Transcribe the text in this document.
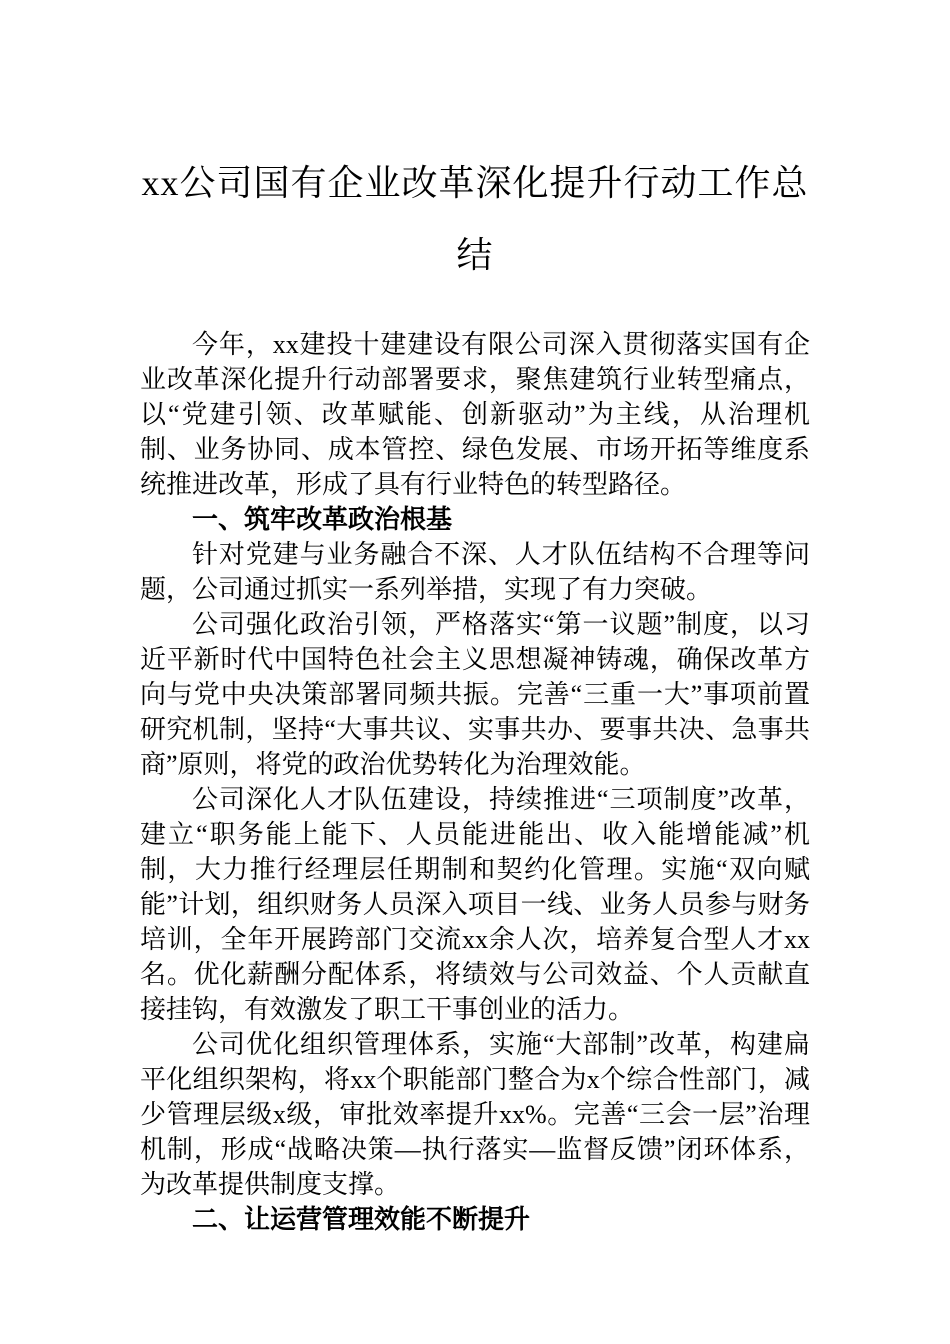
xx公司国有企业改革深化提升行动工作总结

今年，xx建投十建建设有限公司深入贯彻落实国有企业改革深化提升行动部署要求，聚焦建筑行业转型痛点，以“党建引领、改革赋能、创新驱动”为主线，从治理机制、业务协同、成本管控、绿色发展、市场开拓等维度系统推进改革，形成了具有行业特色的转型路径。

一、筑牢改革政治根基

针对党建与业务融合不深、人才队伍结构不合理等问题，公司通过抓实一系列举措，实现了有力突破。

公司强化政治引领，严格落实“第一议题”制度，以习近平新时代中国特色社会主义思想凝神铸魂，确保改革方向与党中央决策部署同频共振。完善“三重一大”事项前置研究机制，坚持“大事共议、实事共办、要事共决、急事共商”原则，将党的政治优势转化为治理效能。

公司深化人才队伍建设，持续推进“三项制度”改革，建立“职务能上能下、人员能进能出、收入能增能减”机制，大力推行经理层任期制和契约化管理。实施“双向赋能”计划，组织财务人员深入项目一线、业务人员参与财务培训，全年开展跨部门交流xx余人次，培养复合型人才xx名。优化薪酬分配体系，将绩效与公司效益、个人贡献直接挂钩，有效激发了职工干事创业的活力。

公司优化组织管理体系，实施“大部制”改革，构建扁平化组织架构，将xx个职能部门整合为x个综合性部门，减少管理层级x级，审批效率提升xx%。完善“三会一层”治理机制，形成“战略决策—执行落实—监督反馈”闭环体系，为改革提供制度支撑。

二、让运营管理效能不断提升
